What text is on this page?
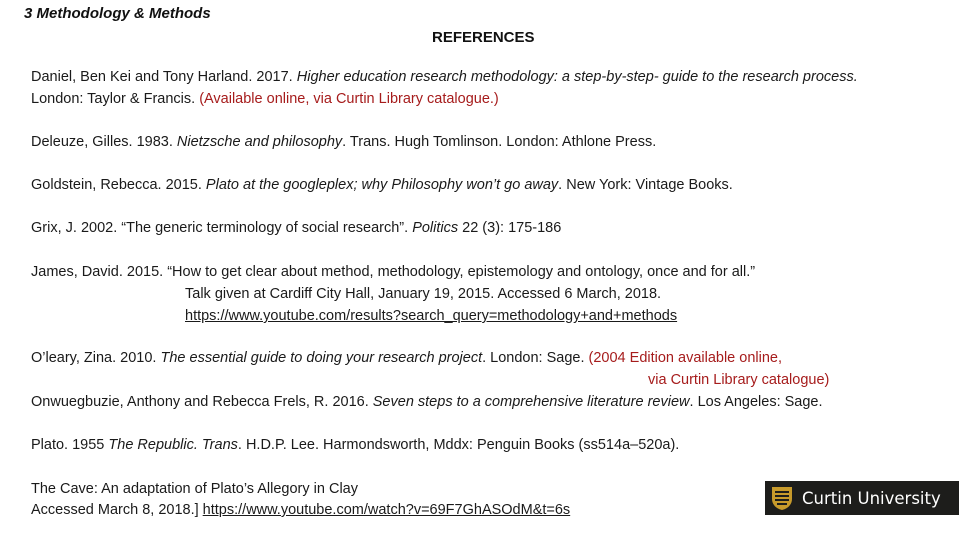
3 Methodology & Methods
REFERENCES
Daniel, Ben Kei and Tony Harland. 2017. Higher education research methodology: a step-by-step- guide to the research process.
London: Taylor & Francis. (Available online, via Curtin Library catalogue.)
Deleuze, Gilles. 1983. Nietzsche and philosophy. Trans. Hugh Tomlinson. London: Athlone Press.
Goldstein, Rebecca. 2015. Plato at the googleplex; why Philosophy won’t go away. New York: Vintage Books.
Grix, J. 2002. “The generic terminology of social research”. Politics 22 (3): 175-186
James, David. 2015. “How to get clear about method, methodology, epistemology and ontology, once and for all.”
Talk given at Cardiff City Hall, January 19, 2015. Accessed 6 March, 2018.
https://www.youtube.com/results?search_query=methodology+and+methods
O’leary, Zina. 2010. The essential guide to doing your research project. London: Sage. (2004 Edition available online,
via Curtin Library catalogue)
Onwuegbuzie, Anthony and Rebecca Frels, R. 2016. Seven steps to a comprehensive literature review. Los Angeles: Sage.
Plato. 1955 The Republic. Trans. H.D.P. Lee. Harmondsworth, Mddx: Penguin Books (ss514a–520a).
The Cave: An adaptation of Plato’s Allegory in Clay
Accessed March 8, 2018.] https://www.youtube.com/watch?v=69F7GhASOdM&t=6s
Curtin University
